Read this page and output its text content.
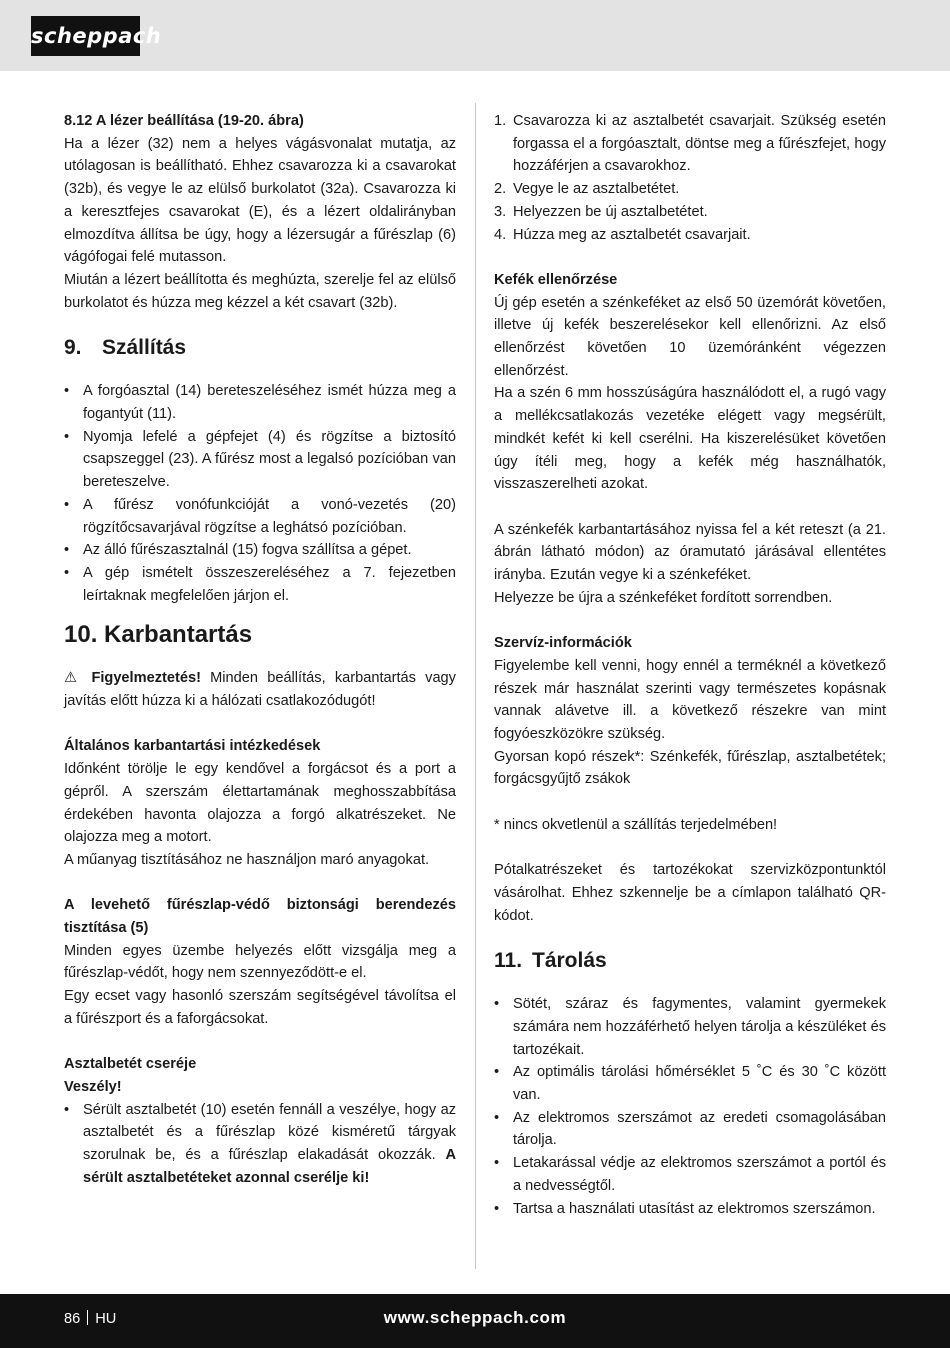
scheppach

8.12 A lézer beállítása (19-20. ábra)

Ha a lézer (32) nem a helyes vágásvonalat mutatja, az utólagosan is beállítható. Ehhez csavarozza ki a csavarokat (32b), és vegye le az elülső burkolatot (32a). Csavarozza ki a keresztfejes csavarokat (E), és a lézert oldalirányban elmozdítva állítsa be úgy, hogy a lézersugár a fűrészlap (6) vágófogai felé mutasson.

Miután a lézert beállította és meghúzta, szerelje fel az elülső burkolatot és húzza meg kézzel a két csavart (32b).

9. Szállítás
• A forgóasztal (14) bereteszeléséhez ismét húzza meg a fogantyút (11).
• Nyomja lefelé a gépfejet (4) és rögzítse a biztosító csapszeggel (23). A fűrész most a legalsó pozícióban van bereteszelve.
• A fűrész vonófunkcióját a vonó-vezetés (20) rögzítőcsavarjával rögzítse a leghátsó pozícióban.
• Az álló fűrészasztalnál (15) fogva szállítsa a gépet.
• A gép ismételt összeszereléséhez a 7. fejezetben leírtaknak megfelelően járjon el.
10. Karbantartás

⚠ Figyelmeztetés! Minden beállítás, karbantartás vagy javítás előtt húzza ki a hálózati csatlakozódugót!

Általános karbantartási intézkedések

Időnként törölje le egy kendővel a forgácsot és a port a gépről. A szerszám élettartamának meghosszabbítása érdekében havonta olajozza a forgó alkatrészeket. Ne olajozza meg a motort.

A műanyag tisztításához ne használjon maró anyagokat.

A levehető fűrészlap-védő biztonsági berendezés tisztítása (5)

Minden egyes üzembe helyezés előtt vizsgálja meg a fűrészlap-védőt, hogy nem szennyeződött-e el.

Egy ecset vagy hasonló szerszám segítségével távolítsa el a fűrészport és a faforgácsokat.

Asztalbetét cseréje

Veszély!

• Sérült asztalbetét (10) esetén fennáll a veszélye, hogy az asztalbetét és a fűrészlap közé kisméretű tárgyak szorulnak be, és a fűrészlap elakadását okozzák. A sérült asztalbetéteket azonnal cserélje ki!
1. Csavarozza ki az asztalbetét csavarjait. Szükség esetén forgassa el a forgóasztalt, döntse meg a fűrészfejet, hogy hozzáférjen a csavarokhoz.
2. Vegye le az asztalbetétet.
3. Helyezzen be új asztalbetétet.
4. Húzza meg az asztalbetét csavarjait.

Kefék ellenőrzése

Új gép esetén a szénkeféket az első 50 üzemórát követően, illetve új kefék beszerelésekor kell ellenőrizni. Az első ellenőrzést követően 10 üzemóránként végezzen ellenőrzést.

Ha a szén 6 mm hosszúságúra használódott el, a rugó vagy a mellékcsatlakozás vezetéke elégett vagy megsérült, mindkét kefét ki kell cserélni. Ha kiszerelésüket követően úgy ítéli meg, hogy a kefék még használhatók, visszaszerelheti azokat.

A szénkefék karbantartásához nyissa fel a két reteszt (a 21. ábrán látható módon) az óramutató járásával ellentétes irányba. Ezután vegye ki a szénkeféket.

Helyezze be újra a szénkeféket fordított sorrendben.

Szervíz-információk

Figyelembe kell venni, hogy ennél a terméknél a következő részek már használat szerinti vagy természetes kopásnak vannak alávetve ill. a következő részekre van mint fogyóeszközökre szükség.

Gyorsan kopó részek*: Szénkefék, fűrészlap, asztalbetétek; forgácsgyűjtő zsákok

* nincs okvetlenül a szállítás terjedelmében!

Pótalkatrészeket és tartozékokat szervizközpontunktól vásárolhat. Ehhez szkennelje be a címlapon található QR-kódot.

11. Tárolás
• Sötét, száraz és fagymentes, valamint gyermekek számára nem hozzáférhető helyen tárolja a készüléket és tartozékait.
• Az optimális tárolási hőmérséklet 5 ˚C és 30 ˚C között van.
• Az elektromos szerszámot az eredeti csomagolásában tárolja.
• Letakarással védje az elektromos szerszámot a portól és a nedvességtől.
• Tartsa a használati utasítást az elektromos szerszámon.
86 HU	www.scheppach.com
